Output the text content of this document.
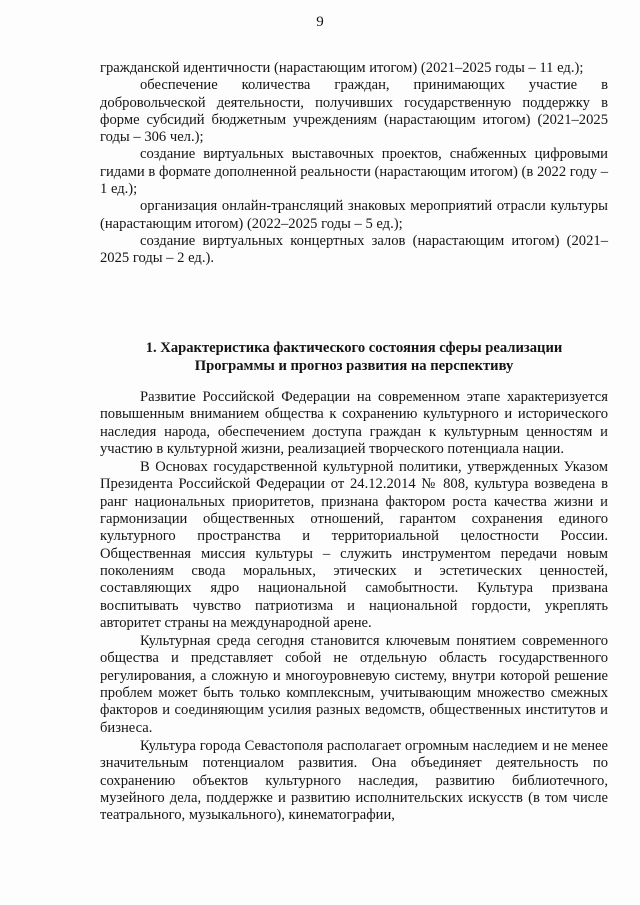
9

гражданской идентичности (нарастающим итогом) (2021–2025 годы – 11 ед.);

обеспечение количества граждан, принимающих участие в добровольческой деятельности, получивших государственную поддержку в форме субсидий бюджетным учреждениям (нарастающим итогом) (2021–2025 годы – 306 чел.);

создание виртуальных выставочных проектов, снабженных цифровыми гидами в формате дополненной реальности (нарастающим итогом) (в 2022 году – 1 ед.);

организация онлайн-трансляций знаковых мероприятий отрасли культуры (нарастающим итогом) (2022–2025 годы – 5 ед.);

создание виртуальных концертных залов (нарастающим итогом) (2021–2025 годы – 2 ед.).

1. Характеристика фактического состояния сферы реализации
Программы и прогноз развития на перспективу

Развитие Российской Федерации на современном этапе характеризуется повышенным вниманием общества к сохранению культурного и исторического наследия народа, обеспечением доступа граждан к культурным ценностям и участию в культурной жизни, реализацией творческого потенциала нации.

В Основах государственной культурной политики, утвержденных Указом Президента Российской Федерации от 24.12.2014 № 808, культура возведена в ранг национальных приоритетов, признана фактором роста качества жизни и гармонизации общественных отношений, гарантом сохранения единого культурного пространства и территориальной целостности России. Общественная миссия культуры – служить инструментом передачи новым поколениям свода моральных, этических и эстетических ценностей, составляющих ядро национальной самобытности. Культура призвана воспитывать чувство патриотизма и национальной гордости, укреплять авторитет страны на международной арене.

Культурная среда сегодня становится ключевым понятием современного общества и представляет собой не отдельную область государственного регулирования, а сложную и многоуровневую систему, внутри которой решение проблем может быть только комплексным, учитывающим множество смежных факторов и соединяющим усилия разных ведомств, общественных институтов и бизнеса.

Культура города Севастополя располагает огромным наследием и не менее значительным потенциалом развития. Она объединяет деятельность по сохранению объектов культурного наследия, развитию библиотечного, музейного дела, поддержке и развитию исполнительских искусств (в том числе театрального, музыкального), кинематографии,
